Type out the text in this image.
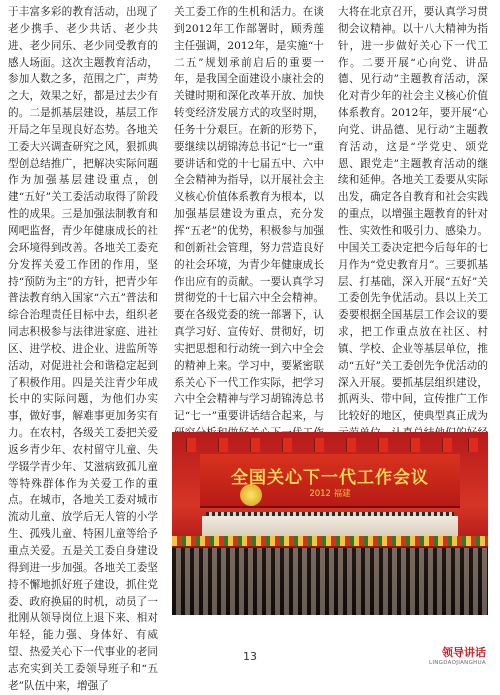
于丰富多彩的教育活动，出现了老少携手、老少共话、老少共进、老少同乐、老少同受教育的感人场面。这次主题教育活动，参加人数之多，范围之广，声势之大，效果之好，都是过去少有的。二是抓基层建设，基层工作开局之年呈现良好态势。各地关工委大兴调查研究之风，狠抓典型创总结推广，把解决实际问题作为加强基层建设重点，创建“五好”关工委活动取得了阶段性的成果。三是加强法制教育和网吧监督，青少年健康成长的社会环境得到改善。各地关工委充分发挥关爱工作团的作用，坚持“预防为主”的方针，把青少年普法教育纳入国家“六五”普法和综合治理责任目标中去，组织老同志积极参与法律进家庭、进社区、进学校、进企业、进监所等活动，对促进社会和谐稳定起到了积极作用。四是关注青少年成长中的实际问题，为他们办实事，做好事，解难事更加务实有力。在农村，各级关工委把关爱返乡青少年、农村留守儿童、失学辍学青少年、艾滋病致孤儿童等特殊群体作为关爱工作的重点。在城市，各地关工委对城市流动儿童、放学后无人管的小学生、孤残儿童、特困儿童等给予重点关爱。五是关工委自身建设得到进一步加强。各地关工委坚持不懈地抓好班子建设，抓住党委、政府换届的时机，动员了一批刚从领导岗位上退下来、相对年轻，能力强、身体好、有威望、热爱关心下一代事业的老同志充实到关工委领导班子和“五老”队伍中来，增强了

关工委工作的生机和活力。在谈到2012年工作部署时，顾秀莲主任强调，2012年，是实施“十二五”规划承前启后的重要一年，是我国全面建设小康社会的关键时期和深化改革开放、加快转变经济发展方式的攻坚时期，任务十分艰巨。在新的形势下，要继续以胡锦涛总书记“七一”重要讲话和党的十七届五中、六中全会精神为指导，以开展社会主义核心价值体系教育为根本，以加强基层建设为重点，充分发挥“五老”的优势，积极参与加强和创新社会管理，努力营造良好的社会环境，为青少年健康成长作出应有的贡献。一要认真学习贯彻党的十七届六中全会精神。要在各级党委的统一部署下，认真学习好、宣传好、贯彻好，切实把思想和行动统一到六中全会的精神上来。学习中，要紧密联系关心下一代工作实际，把学习六中全会精神与学习胡锦涛总书记“七一”重要讲话结合起来，与

大将在北京召开，要认真学习贯彻会议精神。以十八大精神为指针，进一步做好关心下一代工作。二要开展“心向党、讲品德、见行动”主题教育活动，深化对青少年的社会主义核心价值体系教育。2012年，要开展“心向党、讲品德、见行动”主题教育活动，这是“学党史、颂党恩、跟党走”主题教育活动的继续和延伸。各地关工委要从实际出发，确定各自教育和社会实践的重点，以增强主题教育的针对性、实效性和吸引力、感染力。中国关工委决定把今后每年的七月作为“党史教育月”。三要抓基层、打基础，深入开展“五好”关工委创先争优活动。县以上关工委要根据全国基层工作会议的要求，把工作重点放在社区、村镇、学校、企业等基层单位，推动“五好”关工委创先争优活动的深入开展。要抓基层组织建设，抓两头、带中间，宣传推广工作比较好的地区，使典型真正成为

全国关心下一代工作会议
2012 福建
13	领导讲话
LINGDAOJIANGHUA
